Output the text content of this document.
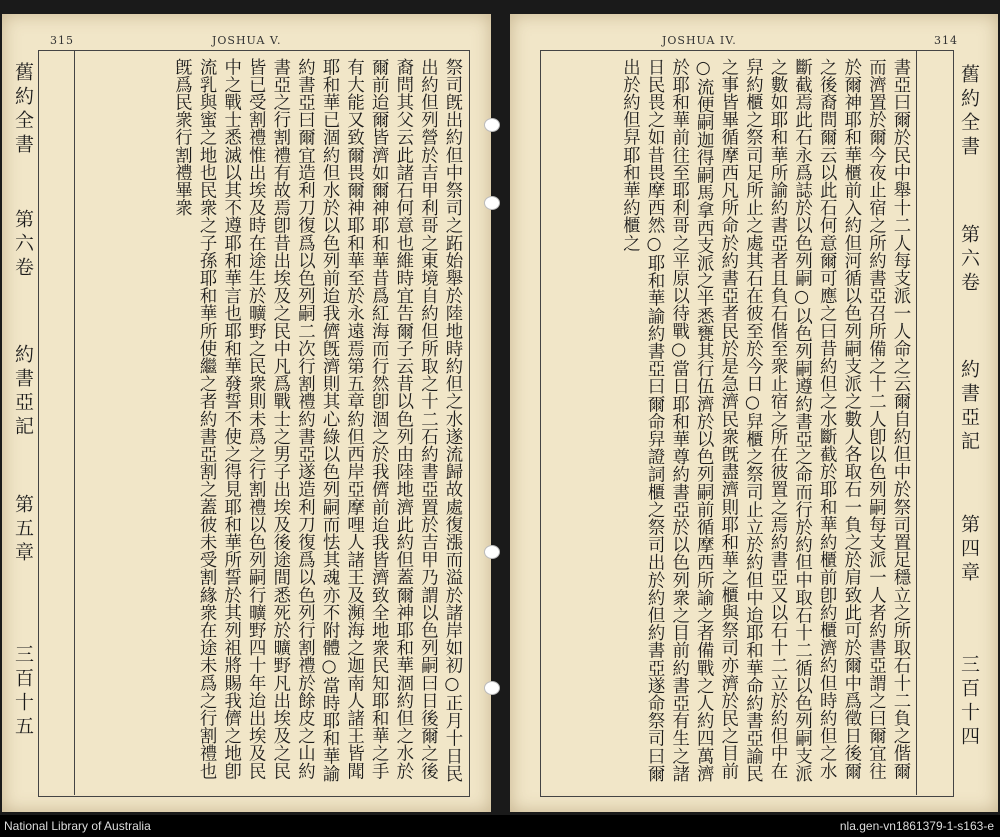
315	JOSHUA V.
舊約全書
第六卷
約書亞記
第五章
三百十五	祭司旣出約但中祭司之跖始舉於陸地時約但之水遂流歸故處復漲而溢於諸岸如初○正月十日民出約但列營於吉甲利哥之東境自約但所取之十二石約書亞置於吉甲乃謂以色列嗣曰日後爾之後裔問其父云此諸石何意也維時宜告爾子云昔以色列由陸地濟此約但蓋爾神耶和華涸約但之水於爾前迨爾皆濟如爾神耶和華昔爲紅海而行然卽涸之於我儕前迨我皆濟致全地衆民知耶和華之手有大能又致爾畏爾神耶和華至於永遠焉第五章約但西岸亞摩哩人諸王及瀕海之迦南人諸王皆聞耶和華已涸約但水於以色列前迨我儕旣濟則其心綠以色列嗣而怯其魂亦不附體○當時耶和華諭約書亞曰爾宜造利刀復爲以色列嗣二次行割禮約書亞遂造利刀復爲以色列行割禮於餘皮之山約書亞之行割禮有故焉卽昔出埃及之民中凡爲戰士之男子出埃及後途間悉死於曠野凡出埃及之民皆已受割禮惟出埃及時在途生於曠野之民衆則未爲之行割禮以色列嗣行曠野四十年迨出埃及民中之戰士悉滅以其不遵耶和華言也耶和華發誓不使之得見耶和華所誓於其列祖將賜我儕之地卽流乳與蜜之地也民衆之子孫耶和華所使繼之者約書亞割之蓋彼未受割緣衆在途未爲之行割禮也旣爲民衆行割禮畢衆
JOSHUA IV.	314
書亞曰爾於民中舉十二人每支派一人命之云爾自約但中於祭司置足穩立之所取石十二負之偕爾而濟置於爾今夜止宿之所約書亞召所備之十二人卽以色列嗣每支派一人者約書亞謂之曰爾宜往於爾神耶和華櫃前入約但河循以色列嗣支派之數人各取石一負之於肩致此可於爾中爲徵日後爾之後裔問爾云以此石何意爾可應之曰昔約但之水斷截於耶和華約櫃前卽約櫃濟約但時約但之水斷截焉此石永爲誌於以色列嗣○以色列嗣遵約書亞之命而行於約但中取石十二循以色列嗣支派之數如耶和華所諭約書亞者且負石偕至衆止宿之所在彼置之焉約書亞又以石十二立於約但中在舁約櫃之祭司足所止之處其石在彼至於今日○舁櫃之祭司止立於約但中迨耶和華命約書亞諭民之事皆畢循摩西凡所命於約書亞者民於是急濟民衆旣盡濟則耶和華之櫃與祭司亦濟於民之目前○流便嗣迦得嗣馬拿西支派之半悉甕其行伍濟於以色列嗣前循摩西所諭之者備戰之人約四萬濟於耶和華前往至耶利哥之平原以待戰○當日耶和華尊約書亞於以色列衆之目前約書亞有生之諸日民畏之如昔畏摩西然○耶和華諭約書亞曰爾命舁證詞櫃之祭司出於約但約書亞遂命祭司曰爾出於約但舁耶和華約櫃之	舊約全書
第六卷
約書亞記
第四章
三百十四
National Library of Australia	nla.gen-vn1861379-1-s163-e
